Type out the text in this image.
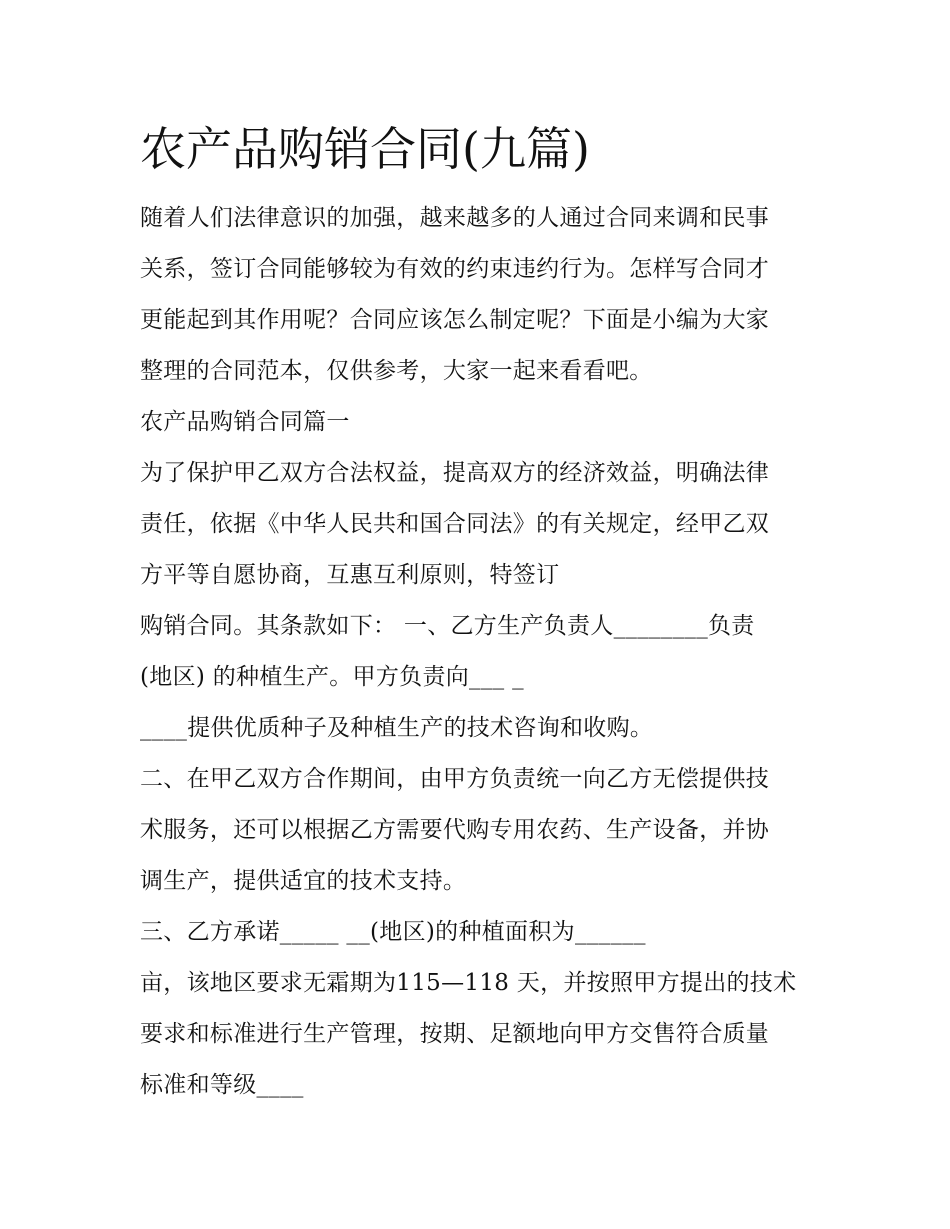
农产品购销合同(九篇)
随着人们法律意识的加强，越来越多的人通过合同来调和民事
关系，签订合同能够较为有效的约束违约行为。怎样写合同才
更能起到其作用呢？合同应该怎么制定呢？下面是小编为大家
整理的合同范本，仅供参考，大家一起来看看吧。
农产品购销合同篇一
为了保护甲乙双方合法权益，提高双方的经济效益，明确法律
责任，依据《中华人民共和国合同法》的有关规定，经甲乙双
方平等自愿协商，互惠互利原则，特签订
购销合同。其条款如下： 一、乙方生产负责人________负责
(地区) 的种植生产。甲方负责向___ _
____提供优质种子及种植生产的技术咨询和收购。
二、在甲乙双方合作期间，由甲方负责统一向乙方无偿提供技
术服务，还可以根据乙方需要代购专用农药、生产设备，并协
调生产，提供适宜的技术支持。
三、乙方承诺_____ __(地区)的种植面积为______
亩，该地区要求无霜期为115—118 天，并按照甲方提出的技术
要求和标准进行生产管理，按期、足额地向甲方交售符合质量
标准和等级____
